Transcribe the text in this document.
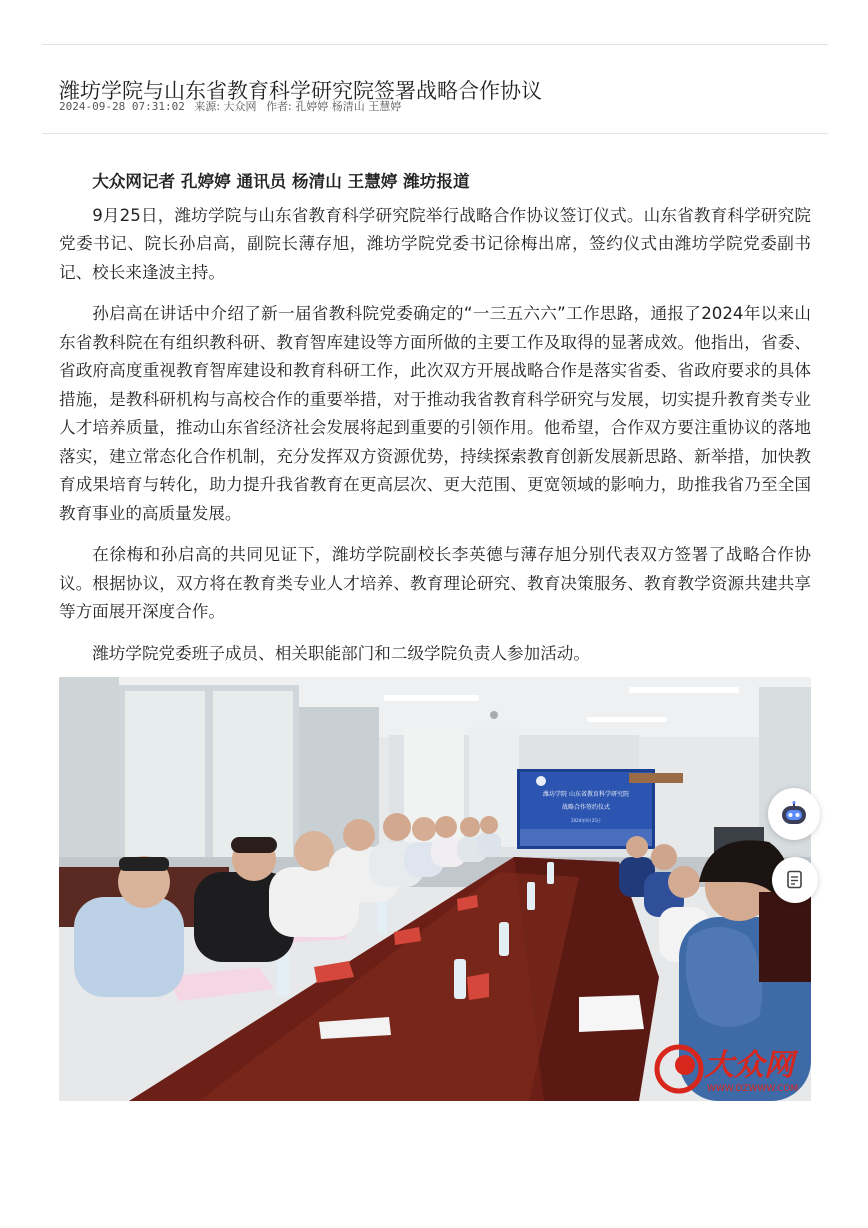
潍坊学院与山东省教育科学研究院签署战略合作协议
2024-09-28 07:31:02 来源: 大众网 作者: 孔婷婷 杨清山 王慧婷

大众网记者 孔婷婷 通讯员 杨清山 王慧婷 潍坊报道

9月25日，潍坊学院与山东省教育科学研究院举行战略合作协议签订仪式。山东省教育科学研究院党委书记、院长孙启高，副院长薄存旭，潍坊学院党委书记徐梅出席，签约仪式由潍坊学院党委副书记、校长来逢波主持。

孙启高在讲话中介绍了新一届省教科院党委确定的“一三五六六”工作思路，通报了2024年以来山东省教科院在有组织教科研、教育智库建设等方面所做的主要工作及取得的显著成效。他指出，省委、省政府高度重视教育智库建设和教育科研工作，此次双方开展战略合作是落实省委、省政府要求的具体措施，是教科研机构与高校合作的重要举措，对于推动我省教育科学研究与发展，切实提升教育类专业人才培养质量，推动山东省经济社会发展将起到重要的引领作用。他希望，合作双方要注重协议的落地落实，建立常态化合作机制，充分发挥双方资源优势，持续探索教育创新发展新思路、新举措，加快教育成果培育与转化，助力提升我省教育在更高层次、更大范围、更宽领域的影响力，助推我省乃至全国教育事业的高质量发展。

在徐梅和孙启高的共同见证下，潍坊学院副校长李英德与薄存旭分别代表双方签署了战略合作协议。根据协议，双方将在教育类专业人才培养、教育理论研究、教育决策服务、教育教学资源共建共享等方面展开深度合作。

潍坊学院党委班子成员、相关职能部门和二级学院负责人参加活动。

潍坊学院 山东省教育科学研究院
战略合作签约仪式
2024年9月25日
大众网
WWW.DZWWW.COM
